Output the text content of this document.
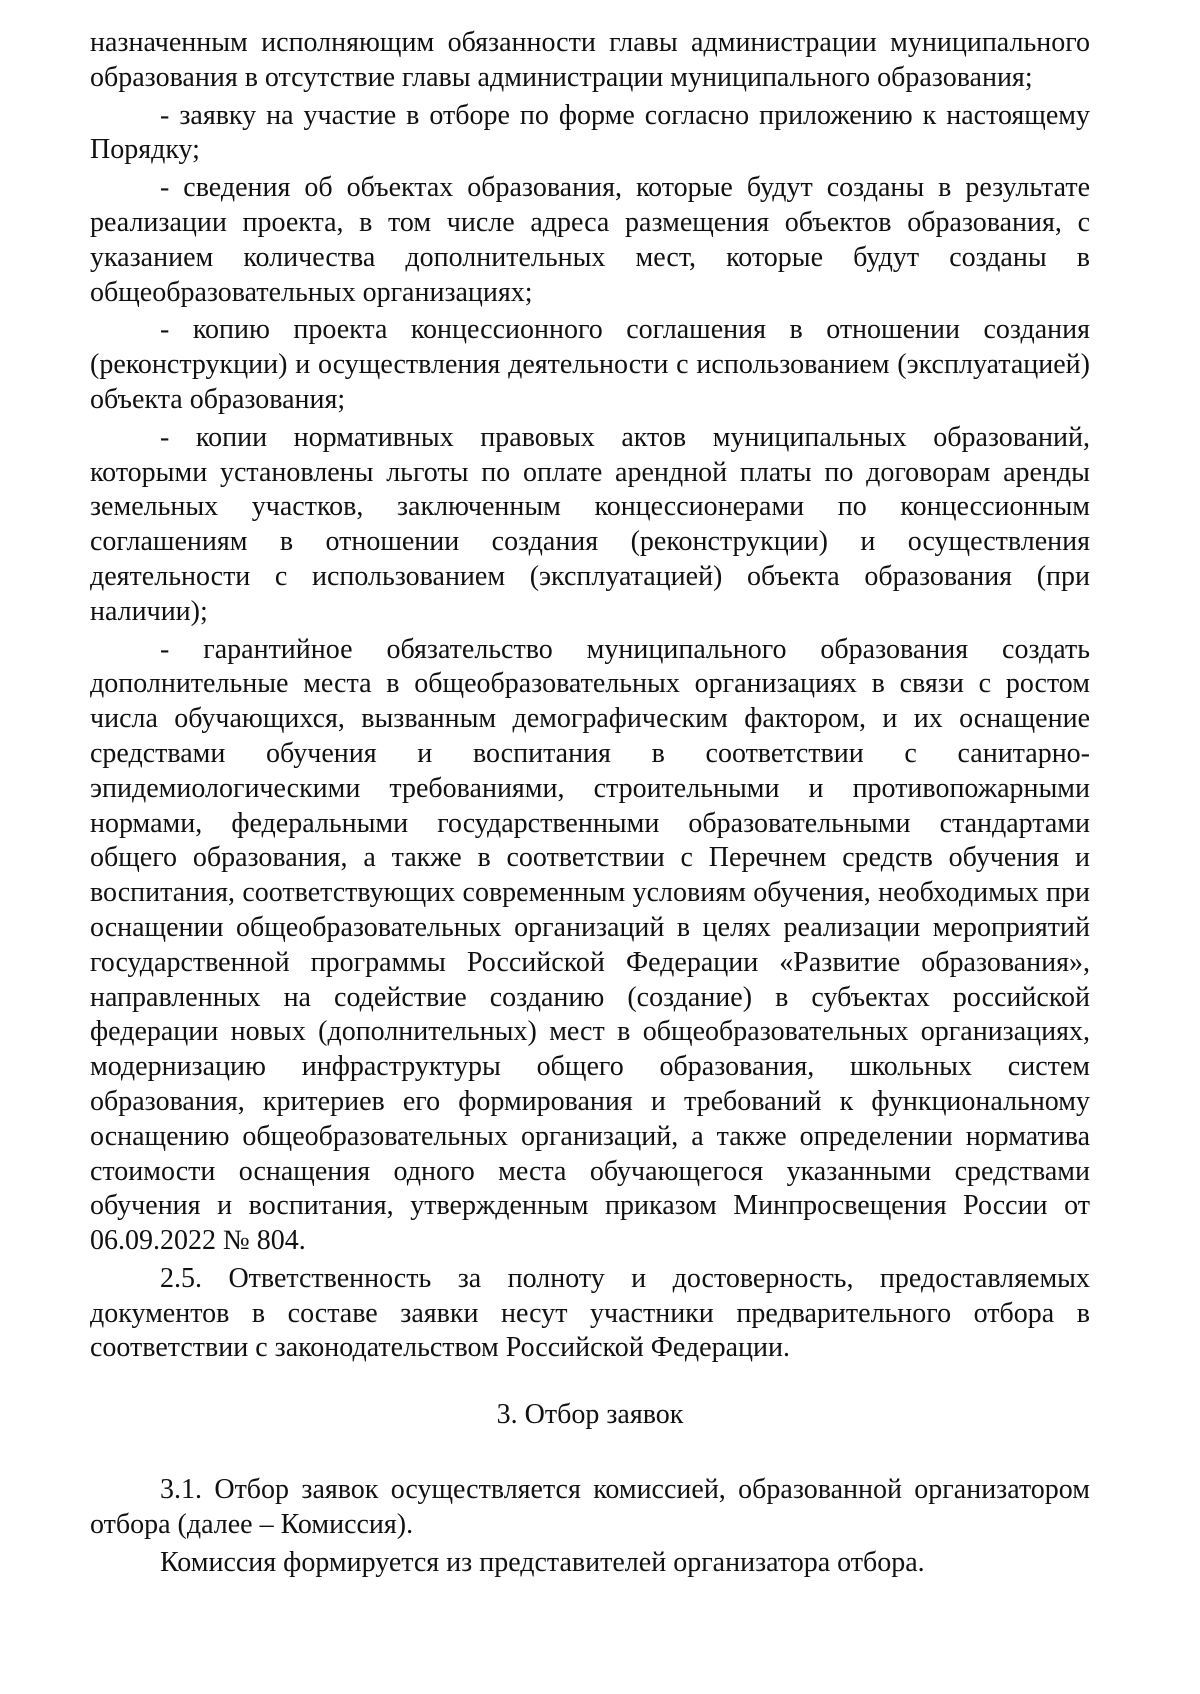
назначенным исполняющим обязанности главы администрации муниципального образования в отсутствие главы администрации муниципального образования;

- заявку на участие в отборе по форме согласно приложению к настоящему Порядку;

- сведения об объектах образования, которые будут созданы в результате реализации проекта, в том числе адреса размещения объектов образования, с указанием количества дополнительных мест, которые будут созданы в общеобразовательных организациях;

- копию проекта концессионного соглашения в отношении создания (реконструкции) и осуществления деятельности с использованием (эксплуатацией) объекта образования;

- копии нормативных правовых актов муниципальных образований, которыми установлены льготы по оплате арендной платы по договорам аренды земельных участков, заключенным концессионерами по концессионным соглашениям в отношении создания (реконструкции) и осуществления деятельности с использованием (эксплуатацией) объекта образования (при наличии);

- гарантийное обязательство муниципального образования создать дополнительные места в общеобразовательных организациях в связи с ростом числа обучающихся, вызванным демографическим фактором, и их оснащение средствами обучения и воспитания в соответствии с санитарно-эпидемиологическими требованиями, строительными и противопожарными нормами, федеральными государственными образовательными стандартами общего образования, а также в соответствии с Перечнем средств обучения и воспитания, соответствующих современным условиям обучения, необходимых при оснащении общеобразовательных организаций в целях реализации мероприятий государственной программы Российской Федерации «Развитие образования», направленных на содействие созданию (создание) в субъектах российской федерации новых (дополнительных) мест в общеобразовательных организациях, модернизацию инфраструктуры общего образования, школьных систем образования, критериев его формирования и требований к функциональному оснащению общеобразовательных организаций, а также определении норматива стоимости оснащения одного места обучающегося указанными средствами обучения и воспитания, утвержденным приказом Минпросвещения России от 06.09.2022 № 804.

2.5. Ответственность за полноту и достоверность, предоставляемых документов в составе заявки несут участники предварительного отбора в соответствии с законодательством Российской Федерации.

3. Отбор заявок

3.1. Отбор заявок осуществляется комиссией, образованной организатором отбора (далее – Комиссия).

Комиссия формируется из представителей организатора отбора.
